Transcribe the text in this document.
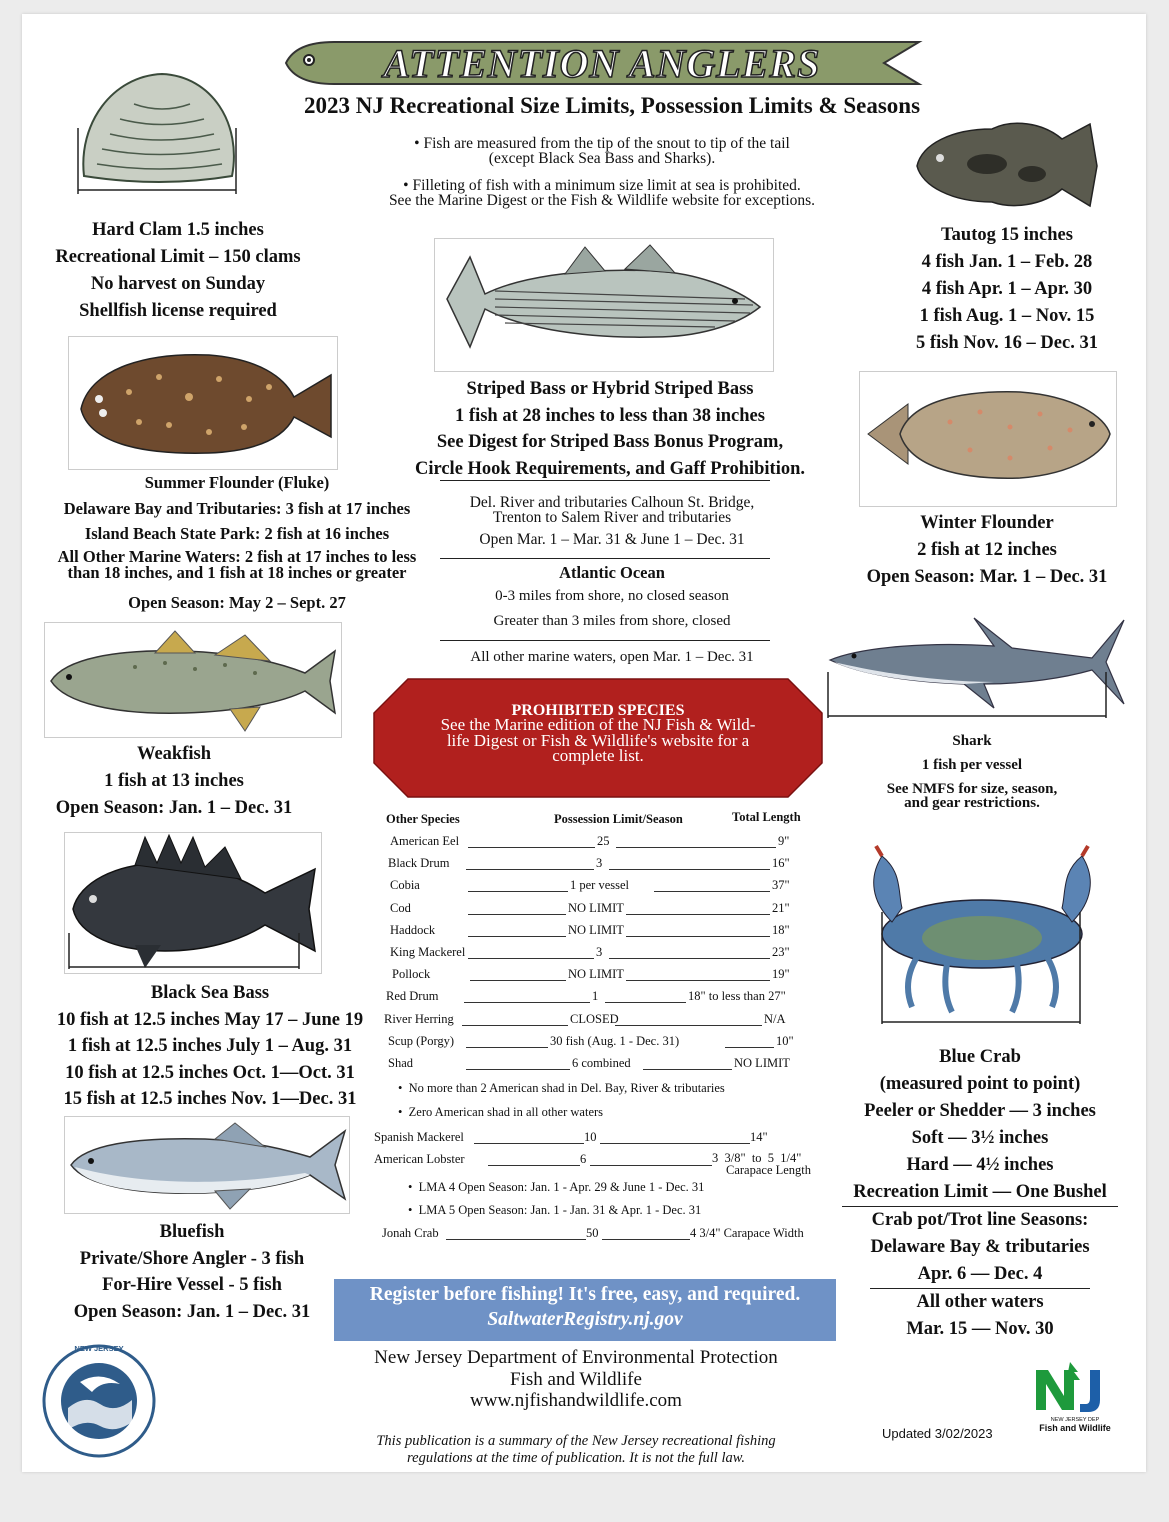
ATTENTION ANGLERS
2023 NJ Recreational Size Limits, Possession Limits & Seasons
• Fish are measured from the tip of the snout to tip of the tail
(except Black Sea Bass and Sharks).
• Filleting of fish with a minimum size limit at sea is prohibited.
See the Marine Digest or the Fish & Wildlife website for exceptions.
Hard Clam 1.5 inches
Recreational Limit – 150 clams
No harvest on Sunday
Shellfish license required
Tautog 15 inches
4 fish Jan. 1 – Feb. 28
4 fish Apr. 1 – Apr. 30
1 fish Aug. 1 – Nov. 15
5 fish Nov. 16 – Dec. 31
Striped Bass or Hybrid Striped Bass
1 fish at 28 inches to less than 38 inches
See Digest for Striped Bass Bonus Program,
Circle Hook Requirements, and Gaff Prohibition.
Del. River and tributaries Calhoun St. Bridge,
Trenton to Salem River and tributaries
Open Mar. 1 – Mar. 31 & June 1 – Dec. 31
Atlantic Ocean
0-3 miles from shore, no closed season
Greater than 3 miles from shore, closed
All other marine waters, open Mar. 1 – Dec. 31
Summer Flounder (Fluke)
Delaware Bay and Tributaries: 3 fish at 17 inches
Island Beach State Park: 2 fish at 16 inches
All Other Marine Waters: 2 fish at 17 inches to less
than 18 inches, and 1 fish at 18 inches or greater
Open Season: May 2 – Sept. 27
Winter Flounder
2 fish at 12 inches
Open Season: Mar. 1 – Dec. 31
Weakfish
1 fish at 13 inches
Open Season: Jan. 1 – Dec. 31
Shark
1 fish per vessel
See NMFS for size, season,
and gear restrictions.
PROHIBITED SPECIES
See the Marine edition of the NJ Fish & Wild-
life Digest or Fish & Wildlife's website for a
complete list.
Black Sea Bass
10 fish at 12.5 inches May 17 – June 19
1 fish at 12.5 inches July 1 – Aug. 31
10 fish at 12.5 inches Oct. 1—Oct. 31
15 fish at 12.5 inches Nov. 1—Dec. 31
Other Species	Possession Limit/Season	Total Length
American Eel	25	9"
Black Drum	3	16"
Cobia	1 per vessel	37"
Cod	NO LIMIT	21"
Haddock	NO LIMIT	18"
King Mackerel	3	23"
Pollock	NO LIMIT	19"
Red Drum	1	18" to less than 27"
River Herring	CLOSED	N/A
Scup (Porgy)	30 fish (Aug. 1 - Dec. 31)	10"
Shad	6 combined	NO LIMIT
•  No more than 2 American shad in Del. Bay, River & tributaries
•  Zero American shad in all other waters
Spanish Mackerel	10	14"
American Lobster	6	3  3/8"  to  5  1/4"
Carapace Length
•  LMA 4 Open Season: Jan. 1 - Apr. 29 & June 1 - Dec. 31
•  LMA 5 Open Season: Jan. 1 - Jan. 31 & Apr. 1 - Dec. 31
Jonah Crab	50	4 3/4" Carapace Width
Blue Crab
(measured point to point)
Peeler or Shedder — 3 inches
Soft — 3½ inches
Hard — 4½ inches
Recreation Limit — One Bushel
Crab pot/Trot line Seasons:
Delaware Bay & tributaries
Apr. 6 — Dec. 4
All other waters
Mar. 15 — Nov. 30
Bluefish
Private/Shore Angler - 3 fish
For-Hire Vessel - 5 fish
Open Season: Jan. 1 – Dec. 31
Register before fishing! It's free, easy, and required.
SaltwaterRegistry.nj.gov
New Jersey Department of Environmental Protection
Fish and Wildlife
www.njfishandwildlife.com
This publication is a summary of the New Jersey recreational fishing
regulations at the time of publication. It is not the full law.
Updated 3/02/2023
NEW JERSEY
NEW JERSEY DEP
Fish and Wildlife
